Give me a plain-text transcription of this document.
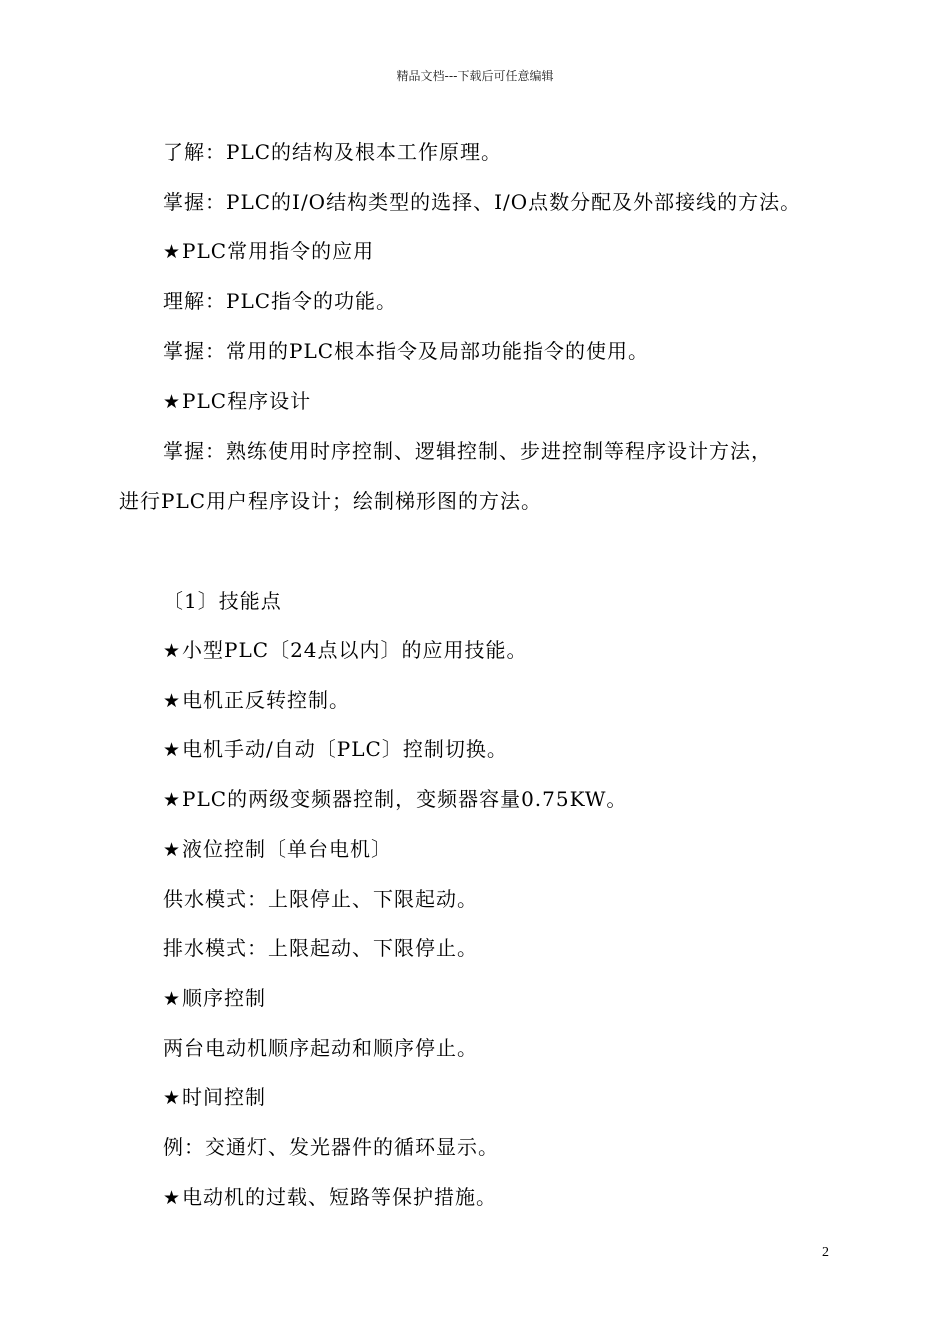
精品文档---下载后可任意编辑
了解：PLC的结构及根本工作原理。
掌握：PLC的I/O结构类型的选择、I/O点数分配及外部接线的方法。
★PLC常用指令的应用
理解：PLC指令的功能。
掌握：常用的PLC根本指令及局部功能指令的使用。
★PLC程序设计
掌握：熟练使用时序控制、逻辑控制、步进控制等程序设计方法，
进行PLC用户程序设计；绘制梯形图的方法。
〔1〕技能点
★小型PLC〔24点以内〕的应用技能。
★电机正反转控制。
★电机手动/自动〔PLC〕控制切换。
★PLC的两级变频器控制，变频器容量0.75KW。
★液位控制〔单台电机〕
供水模式：上限停止、下限起动。
排水模式：上限起动、下限停止。
★顺序控制
两台电动机顺序起动和顺序停止。
★时间控制
例：交通灯、发光器件的循环显示。
★电动机的过载、短路等保护措施。
2
